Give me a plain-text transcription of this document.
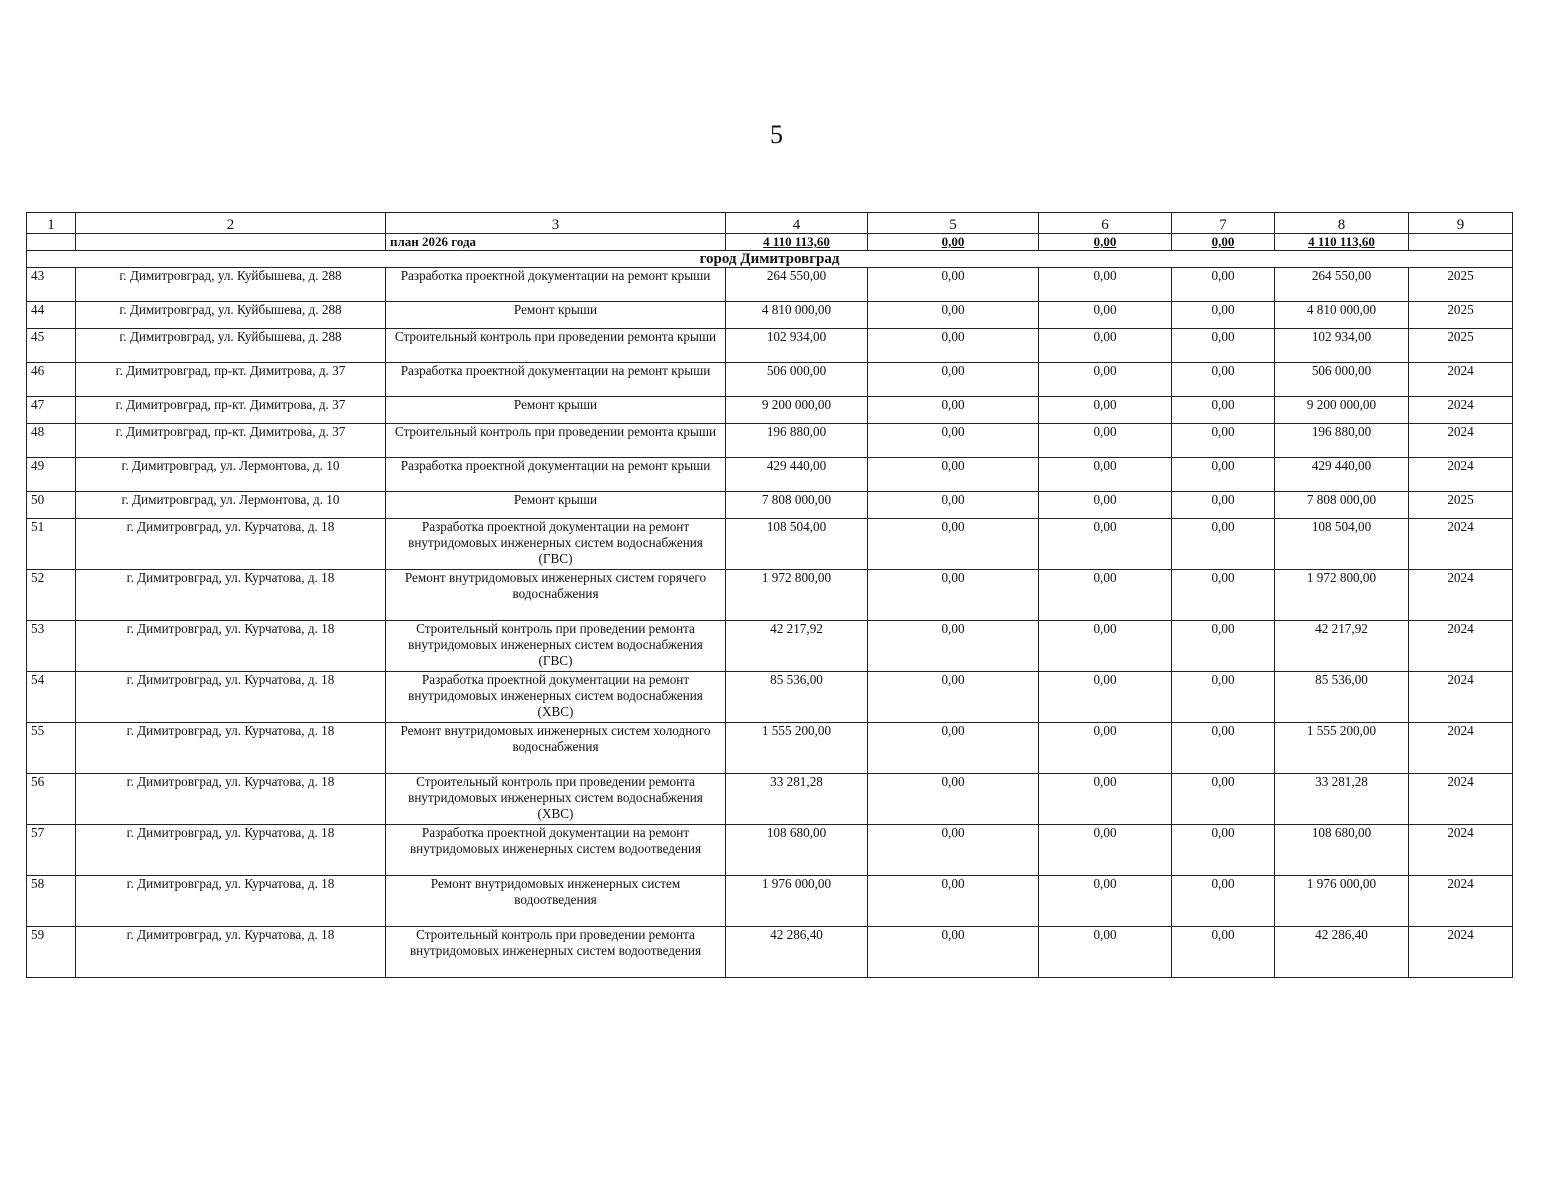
5
1	2	3	4	5	6	7	8	9
		план 2026 года	4 110 113,60	0,00	0,00	0,00	4 110 113,60	
город Димитровград								
43	г. Димитровград, ул. Куйбышева, д. 288	Разработка проектной документации на ремонт крыши	264 550,00	0,00	0,00	0,00	264 550,00	2025
44	г. Димитровград, ул. Куйбышева, д. 288	Ремонт крыши	4 810 000,00	0,00	0,00	0,00	4 810 000,00	2025
45	г. Димитровград, ул. Куйбышева, д. 288	Строительный контроль при проведении ремонта крыши	102 934,00	0,00	0,00	0,00	102 934,00	2025
46	г. Димитровград, пр-кт. Димитрова, д. 37	Разработка проектной документации на ремонт крыши	506 000,00	0,00	0,00	0,00	506 000,00	2024
47	г. Димитровград, пр-кт. Димитрова, д. 37	Ремонт крыши	9 200 000,00	0,00	0,00	0,00	9 200 000,00	2024
48	г. Димитровград, пр-кт. Димитрова, д. 37	Строительный контроль при проведении ремонта крыши	196 880,00	0,00	0,00	0,00	196 880,00	2024
49	г. Димитровград, ул. Лермонтова, д. 10	Разработка проектной документации на ремонт крыши	429 440,00	0,00	0,00	0,00	429 440,00	2024
50	г. Димитровград, ул. Лермонтова, д. 10	Ремонт крыши	7 808 000,00	0,00	0,00	0,00	7 808 000,00	2025
51	г. Димитровград, ул. Курчатова, д. 18	Разработка проектной документации на ремонт внутридомовых инженерных систем водоснабжения (ГВС)	108 504,00	0,00	0,00	0,00	108 504,00	2024
52	г. Димитровград, ул. Курчатова, д. 18	Ремонт внутридомовых инженерных систем горячего водоснабжения	1 972 800,00	0,00	0,00	0,00	1 972 800,00	2024
53	г. Димитровград, ул. Курчатова, д. 18	Строительный контроль при проведении ремонта внутридомовых инженерных систем водоснабжения (ГВС)	42 217,92	0,00	0,00	0,00	42 217,92	2024
54	г. Димитровград, ул. Курчатова, д. 18	Разработка проектной документации на ремонт внутридомовых инженерных систем водоснабжения (ХВС)	85 536,00	0,00	0,00	0,00	85 536,00	2024
55	г. Димитровград, ул. Курчатова, д. 18	Ремонт внутридомовых инженерных систем холодного водоснабжения	1 555 200,00	0,00	0,00	0,00	1 555 200,00	2024
56	г. Димитровград, ул. Курчатова, д. 18	Строительный контроль при проведении ремонта внутридомовых инженерных систем водоснабжения (ХВС)	33 281,28	0,00	0,00	0,00	33 281,28	2024
57	г. Димитровград, ул. Курчатова, д. 18	Разработка проектной документации на ремонт внутридомовых инженерных систем водоотведения	108 680,00	0,00	0,00	0,00	108 680,00	2024
58	г. Димитровград, ул. Курчатова, д. 18	Ремонт внутридомовых инженерных систем водоотведения	1 976 000,00	0,00	0,00	0,00	1 976 000,00	2024
59	г. Димитровград, ул. Курчатова, д. 18	Строительный контроль при проведении ремонта внутридомовых инженерных систем водоотведения	42 286,40	0,00	0,00	0,00	42 286,40	2024
